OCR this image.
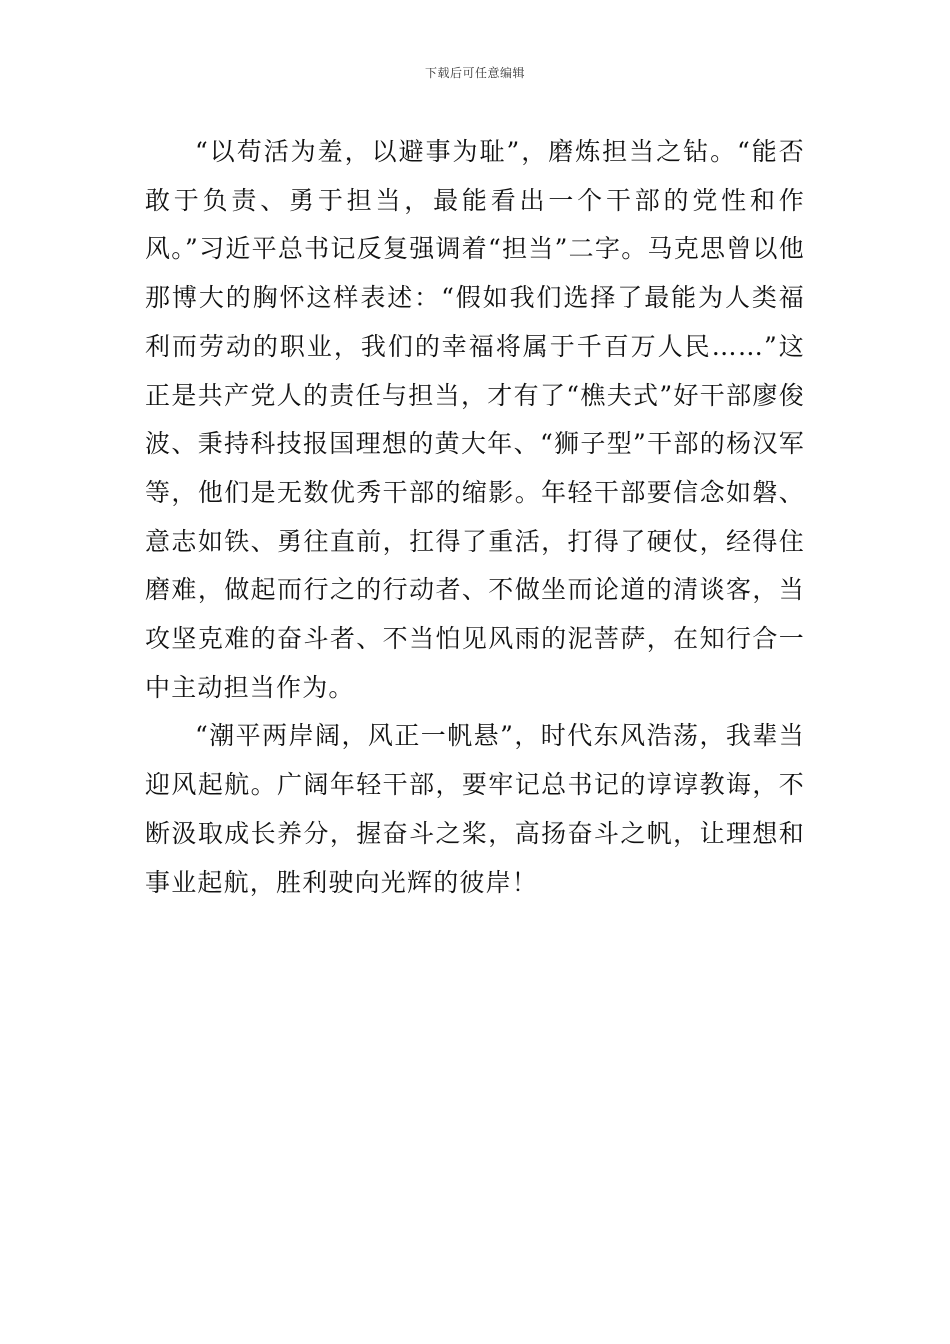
下载后可任意编辑

“以苟活为羞，以避事为耻”，磨炼担当之钻。“能否敢于负责、勇于担当，最能看出一个干部的党性和作风。”习近平总书记反复强调着“担当”二字。马克思曾以他那博大的胸怀这样表述：“假如我们选择了最能为人类福利而劳动的职业，我们的幸福将属于千百万人民……”这正是共产党人的责任与担当，才有了“樵夫式”好干部廖俊波、秉持科技报国理想的黄大年、“狮子型”干部的杨汉军等，他们是无数优秀干部的缩影。年轻干部要信念如磐、意志如铁、勇往直前，扛得了重活，打得了硬仗，经得住磨难，做起而行之的行动者、不做坐而论道的清谈客，当攻坚克难的奋斗者、不当怕见风雨的泥菩萨，在知行合一中主动担当作为。

“潮平两岸阔，风正一帆悬”，时代东风浩荡，我辈当迎风起航。广阔年轻干部，要牢记总书记的谆谆教诲，不断汲取成长养分，握奋斗之桨，高扬奋斗之帆，让理想和事业起航，胜利驶向光辉的彼岸！
